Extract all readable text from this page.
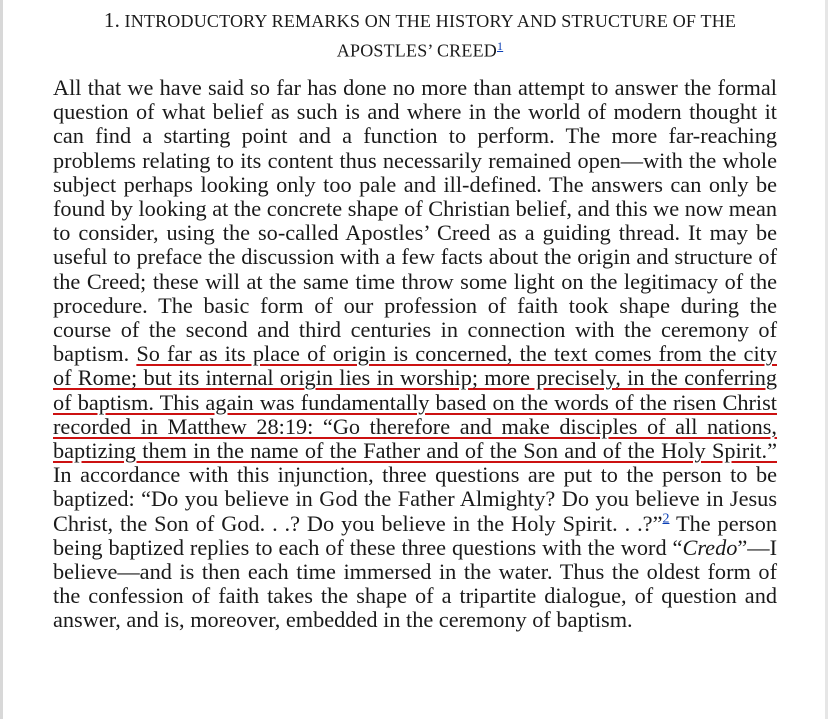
1. INTRODUCTORY REMARKS ON THE HISTORY AND STRUCTURE OF THE
APOSTLES’ CREED$^1$

All that we have said so far has done no more than attempt to answer the formal question of what belief as such is and where in the world of modern thought it can find a starting point and a function to perform. The more far-reaching problems relating to its content thus necessarily remained open—with the whole subject perhaps looking only too pale and ill-defined. The answers can only be found by looking at the concrete shape of Christian belief, and this we now mean to consider, using the so-called Apostles’ Creed as a guiding thread. It may be useful to preface the discussion with a few facts about the origin and structure of the Creed; these will at the same time throw some light on the legitimacy of the procedure. The basic form of our profession of faith took shape during the course of the second and third centuries in connection with the ceremony of baptism. So far as its place of origin is concerned, the text comes from the city of Rome; but its internal origin lies in worship; more precisely, in the conferring of baptism. This again was fundamentally based on the words of the risen Christ recorded in Matthew 28:19: “Go therefore and make disciples of all nations, baptizing them in the name of the Father and of the Son and of the Holy Spirit.” In accordance with this injunction, three questions are put to the person to be baptized: “Do you believe in God the Father Almighty? Do you believe in Jesus Christ, the Son of God. . .? Do you believe in the Holy Spirit. . .?”$^2$ The person being baptized replies to each of these three questions with the word “Credo”—I believe—and is then each time immersed in the water. Thus the oldest form of the confession of faith takes the shape of a tripartite dialogue, of question and answer, and is, moreover, embedded in the ceremony of baptism.
